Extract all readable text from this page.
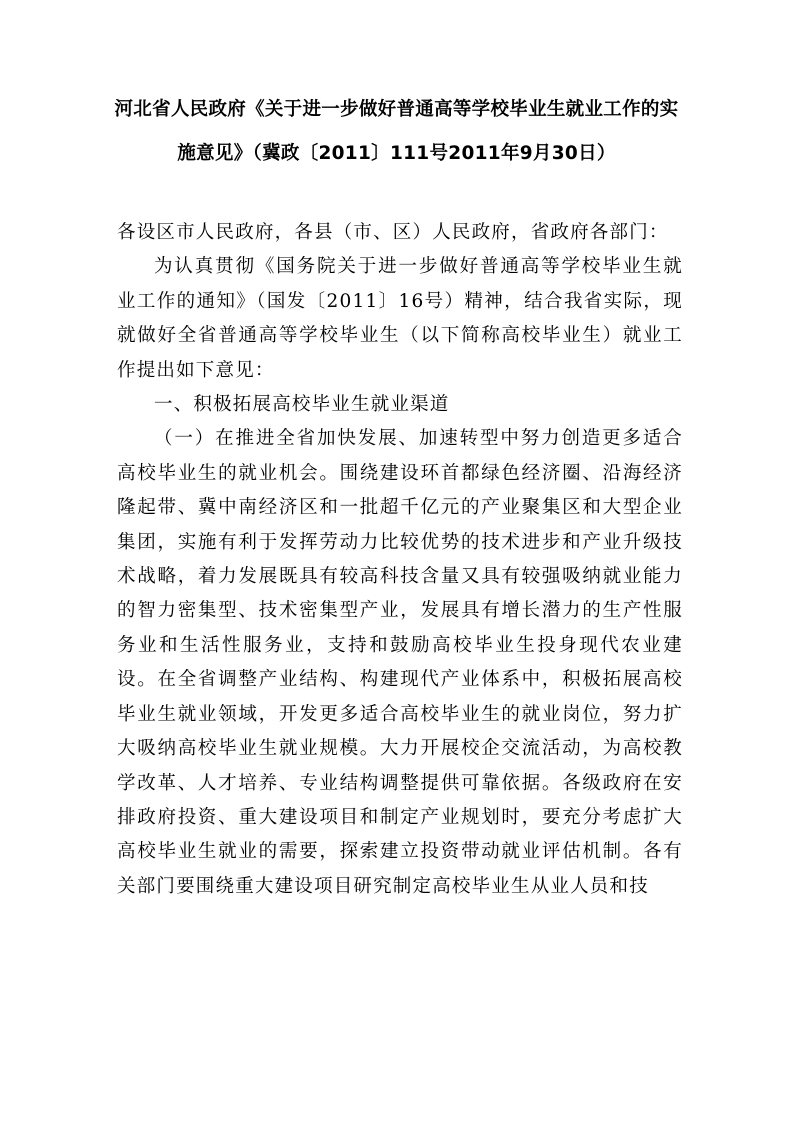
河北省人民政府《关于进一步做好普通高等学校毕业生就业工作的实
施意见》（冀政〔2011〕111号2011年9月30日）

各设区市人民政府，各县（市、区）人民政府，省政府各部门：

为认真贯彻《国务院关于进一步做好普通高等学校毕业生就业工作的通知》（国发〔2011〕16号）精神，结合我省实际，现就做好全省普通高等学校毕业生（以下简称高校毕业生）就业工作提出如下意见：

一、积极拓展高校毕业生就业渠道

（一）在推进全省加快发展、加速转型中努力创造更多适合高校毕业生的就业机会。围绕建设环首都绿色经济圈、沿海经济隆起带、冀中南经济区和一批超千亿元的产业聚集区和大型企业集团，实施有利于发挥劳动力比较优势的技术进步和产业升级技术战略，着力发展既具有较高科技含量又具有较强吸纳就业能力的智力密集型、技术密集型产业，发展具有增长潜力的生产性服务业和生活性服务业，支持和鼓励高校毕业生投身现代农业建设。在全省调整产业结构、构建现代产业体系中，积极拓展高校毕业生就业领域，开发更多适合高校毕业生的就业岗位，努力扩大吸纳高校毕业生就业规模。大力开展校企交流活动，为高校教学改革、人才培养、专业结构调整提供可靠依据。各级政府在安排政府投资、重大建设项目和制定产业规划时，要充分考虑扩大高校毕业生就业的需要，探索建立投资带动就业评估机制。各有关部门要围绕重大建设项目研究制定高校毕业生从业人员和技
